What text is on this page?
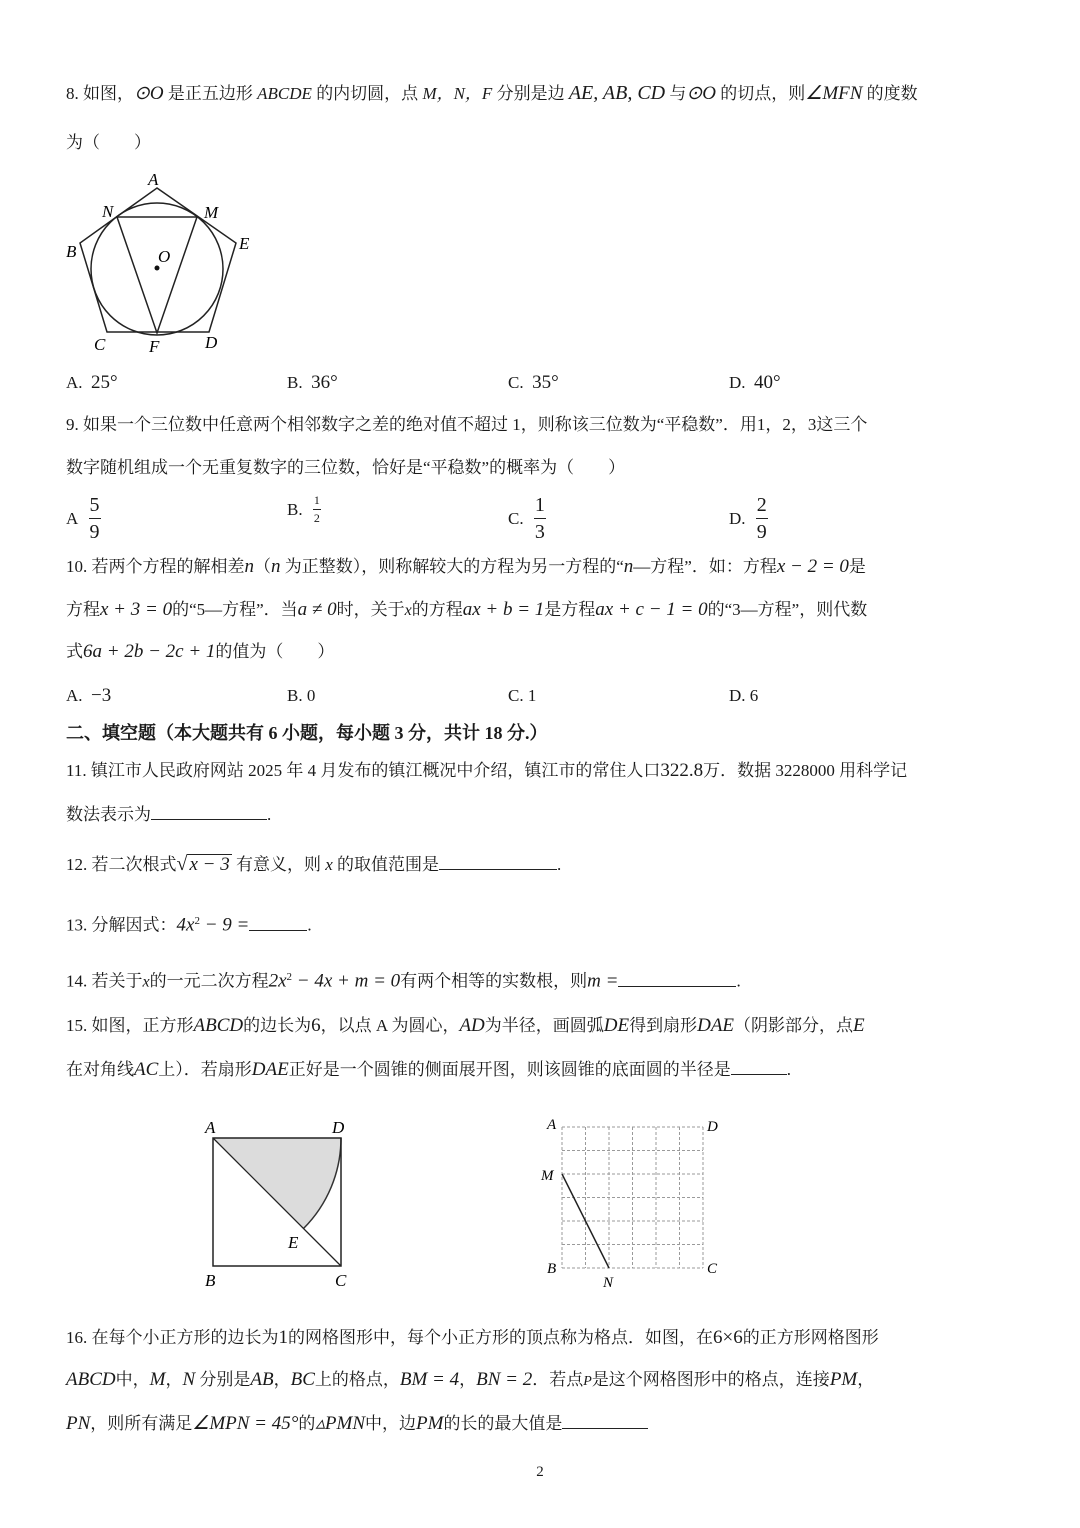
8. 如图，⊙O 是正五边形 ABCDE 的内切圆，点 M，N，F 分别是边 AE, AB, CD 与⊙O 的切点，则∠MFN 的度数
为（　　）
A
N	M
B	E
O
C	F	D
A. 25°	B. 36°	C. 35°	D. 40°
9. 如果一个三位数中任意两个相邻数字之差的绝对值不超过 1，则称该三位数为“平稳数”．用1，2，3这三个
数字随机组成一个无重复数字的三位数，恰好是“平稳数”的概率为（　　）
A $\frac{5}{9}$	B. $\frac{1}{2}$	C. $\frac{1}{3}$	D. $\frac{2}{9}$
10. 若两个方程的解相差n（n 为正整数），则称解较大的方程为另一方程的“n—方程”．如：方程x − 2 = 0是
方程x + 3 = 0的“5—方程”．当a ≠ 0时，关于x的方程ax + b = 1是方程ax + c − 1 = 0的“3—方程”，则代数
式6a + 2b − 2c + 1的值为（　　）
A. −3	B. 0	C. 1	D. 6
二、填空题（本大题共有 6 小题，每小题 3 分，共计 18 分.）
11. 镇江市人民政府网站 2025 年 4 月发布的镇江概况中介绍，镇江市的常住人口322.8万．数据 3228000 用科学记
数法表示为	.
12. 若二次根式√ x − 3 有意义，则 x 的取值范围是	.
13. 分解因式：$4x^2 - 9$ =	.
14. 若关于x的一元二次方程$2x^2 - 4x + m = 0$有两个相等的实数根，则m =	.
15. 如图，正方形ABCD的边长为6，以点 A 为圆心，AD为半径，画圆弧DE得到扇形DAE（阴影部分，点E
在对角线AC上）．若扇形DAE正好是一个圆锥的侧面展开图，则该圆锥的底面圆的半径是	.
A	D
E
B	C
A	D
M
B
N
C
16. 在每个小正方形的边长为1的网格图形中，每个小正方形的顶点称为格点．如图，在6×6的正方形网格图形
ABCD中，M，N 分别是AB，BC上的格点，BM = 4，BN = 2．若点P是这个网格图形中的格点，连接PM，
PN，则所有满足∠MPN = 45°的▵PMN中，边PM的长的最大值是
2
